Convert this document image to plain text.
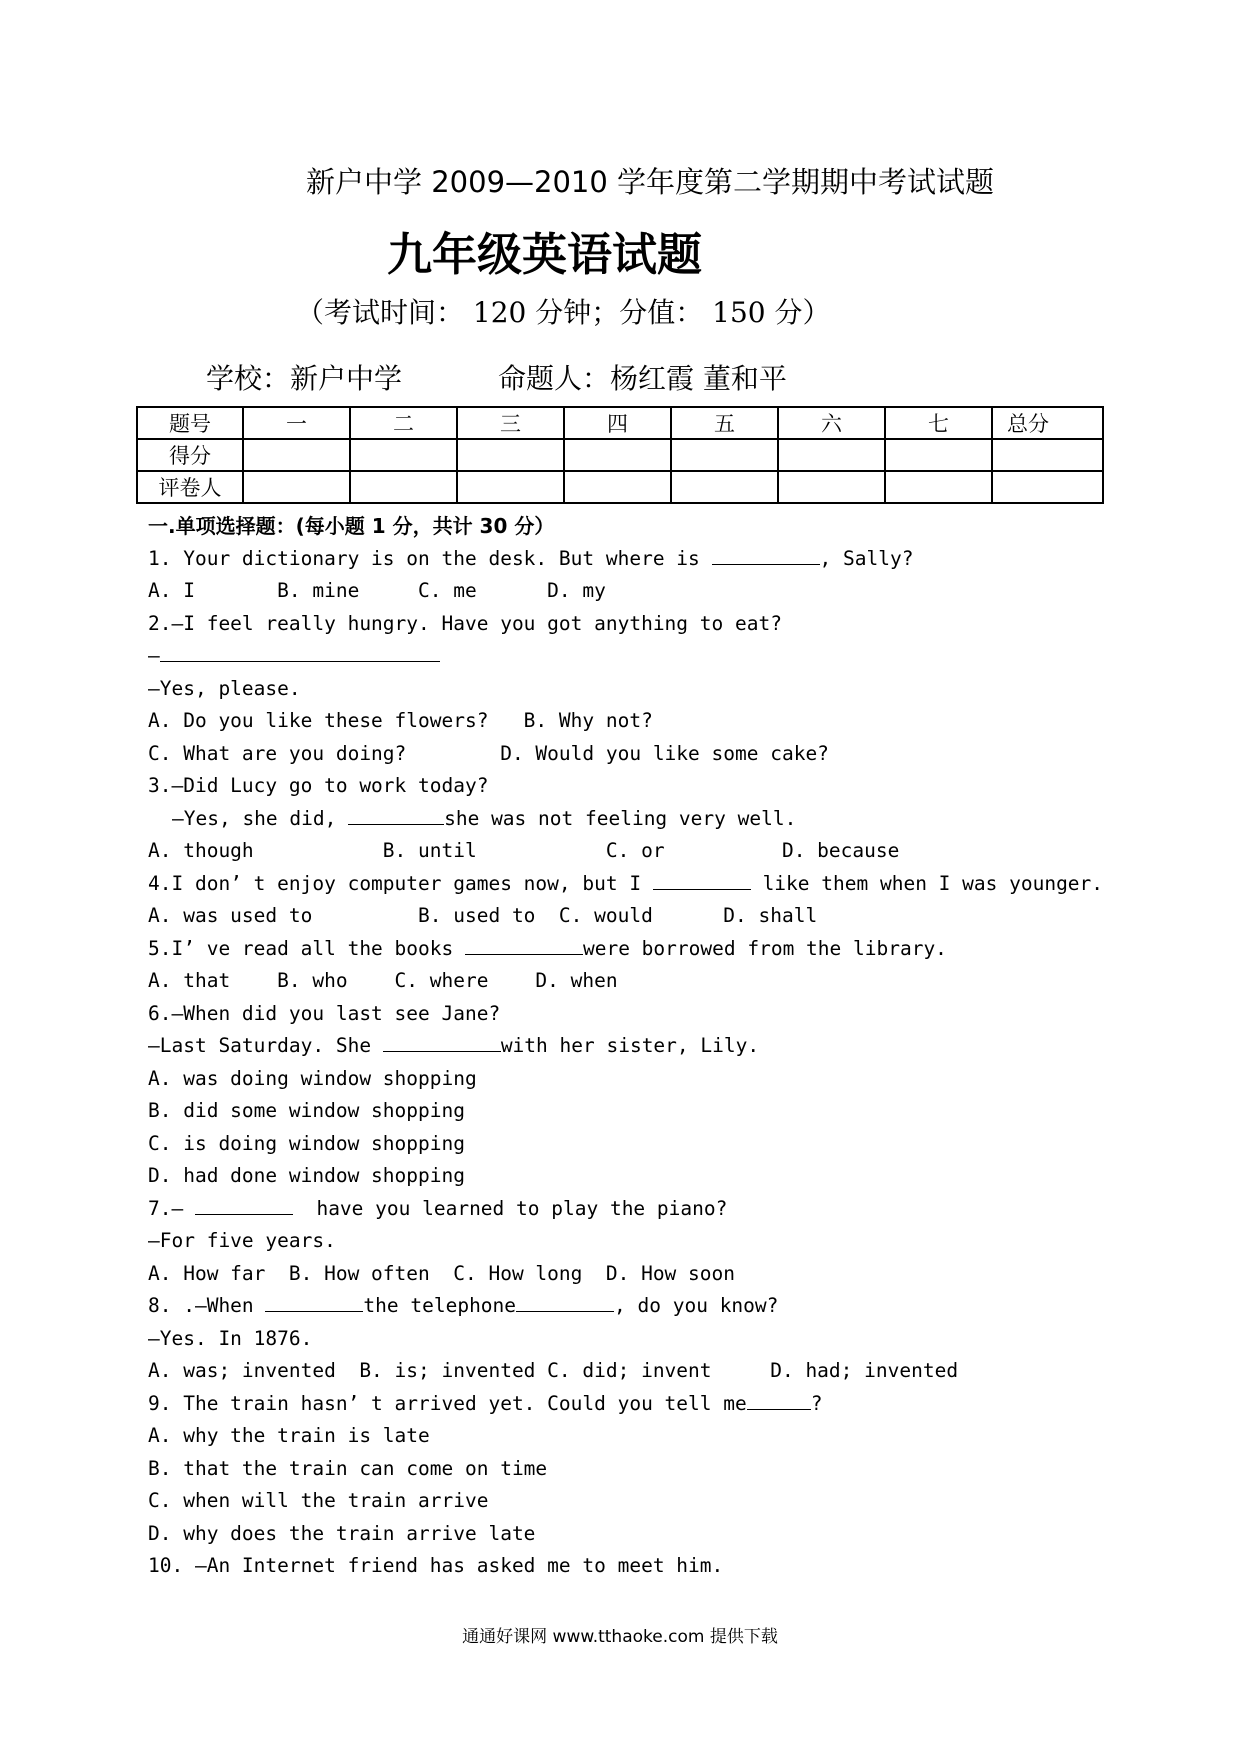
新户中学 2009—2010 学年度第二学期期中考试试题
九年级英语试题
（考试时间： 120 分钟；分值： 150 分）
学校：新户中学	命题人：杨红霞 董和平
题号	一	二	三	四	五	六	七	总分
得分								
评卷人								
一.单项选择题：(每小题 1 分，共计 30 分）
1. Your dictionary is on the desk. But where is	, Sally?
A. I       B. mine     C. me      D. my
2.—I feel really hungry. Have you got anything to eat?
—
—Yes, please.
A. Do you like these flowers?   B. Why not?
C. What are you doing?        D. Would you like some cake?
3.—Did Lucy go to work today?
—Yes, she did,	she was not feeling very well.
A. though           B. until           C. or          D. because
4.I don’ t enjoy computer games now, but I	like them when I was younger.
A. was used to         B. used to  C. would      D. shall
5.I’ ve read all the books	were borrowed from the library.
A. that    B. who    C. where    D. when
6.—When did you last see Jane?
—Last Saturday. She	with her sister, Lily.
A. was doing window shopping
B. did some window shopping
C. is doing window shopping
D. had done window shopping
7.—	have you learned to play the piano?
—For five years.
A. How far  B. How often  C. How long  D. How soon
8. .—When	the telephone	, do you know?
—Yes. In 1876.
A. was; invented  B. is; invented C. did; invent     D. had; invented
9. The train hasn’ t arrived yet. Could you tell me	?
A. why the train is late
B. that the train can come on time
C. when will the train arrive
D. why does the train arrive late
10. —An Internet friend has asked me to meet him.
通通好课网 www.tthaoke.com 提供下载
